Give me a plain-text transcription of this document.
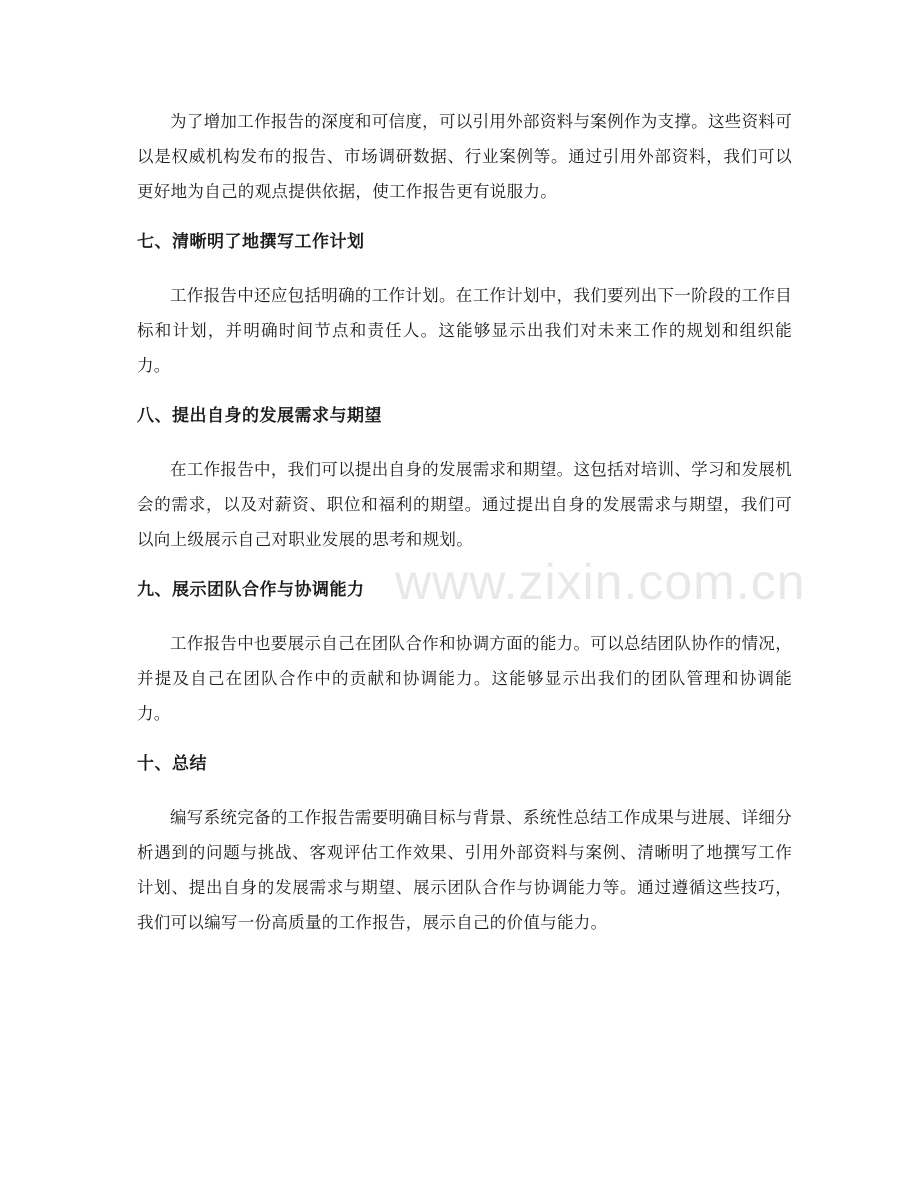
为了增加工作报告的深度和可信度，可以引用外部资料与案例作为支撑。这些资料可以是权威机构发布的报告、市场调研数据、行业案例等。通过引用外部资料，我们可以更好地为自己的观点提供依据，使工作报告更有说服力。

七、清晰明了地撰写工作计划

工作报告中还应包括明确的工作计划。在工作计划中，我们要列出下一阶段的工作目标和计划，并明确时间节点和责任人。这能够显示出我们对未来工作的规划和组织能力。

八、提出自身的发展需求与期望

在工作报告中，我们可以提出自身的发展需求和期望。这包括对培训、学习和发展机会的需求，以及对薪资、职位和福利的期望。通过提出自身的发展需求与期望，我们可以向上级展示自己对职业发展的思考和规划。

九、展示团队合作与协调能力

工作报告中也要展示自己在团队合作和协调方面的能力。可以总结团队协作的情况，并提及自己在团队合作中的贡献和协调能力。这能够显示出我们的团队管理和协调能力。

十、总结

编写系统完备的工作报告需要明确目标与背景、系统性总结工作成果与进展、详细分析遇到的问题与挑战、客观评估工作效果、引用外部资料与案例、清晰明了地撰写工作计划、提出自身的发展需求与期望、展示团队合作与协调能力等。通过遵循这些技巧，我们可以编写一份高质量的工作报告，展示自己的价值与能力。

www.zixin.com.cn
